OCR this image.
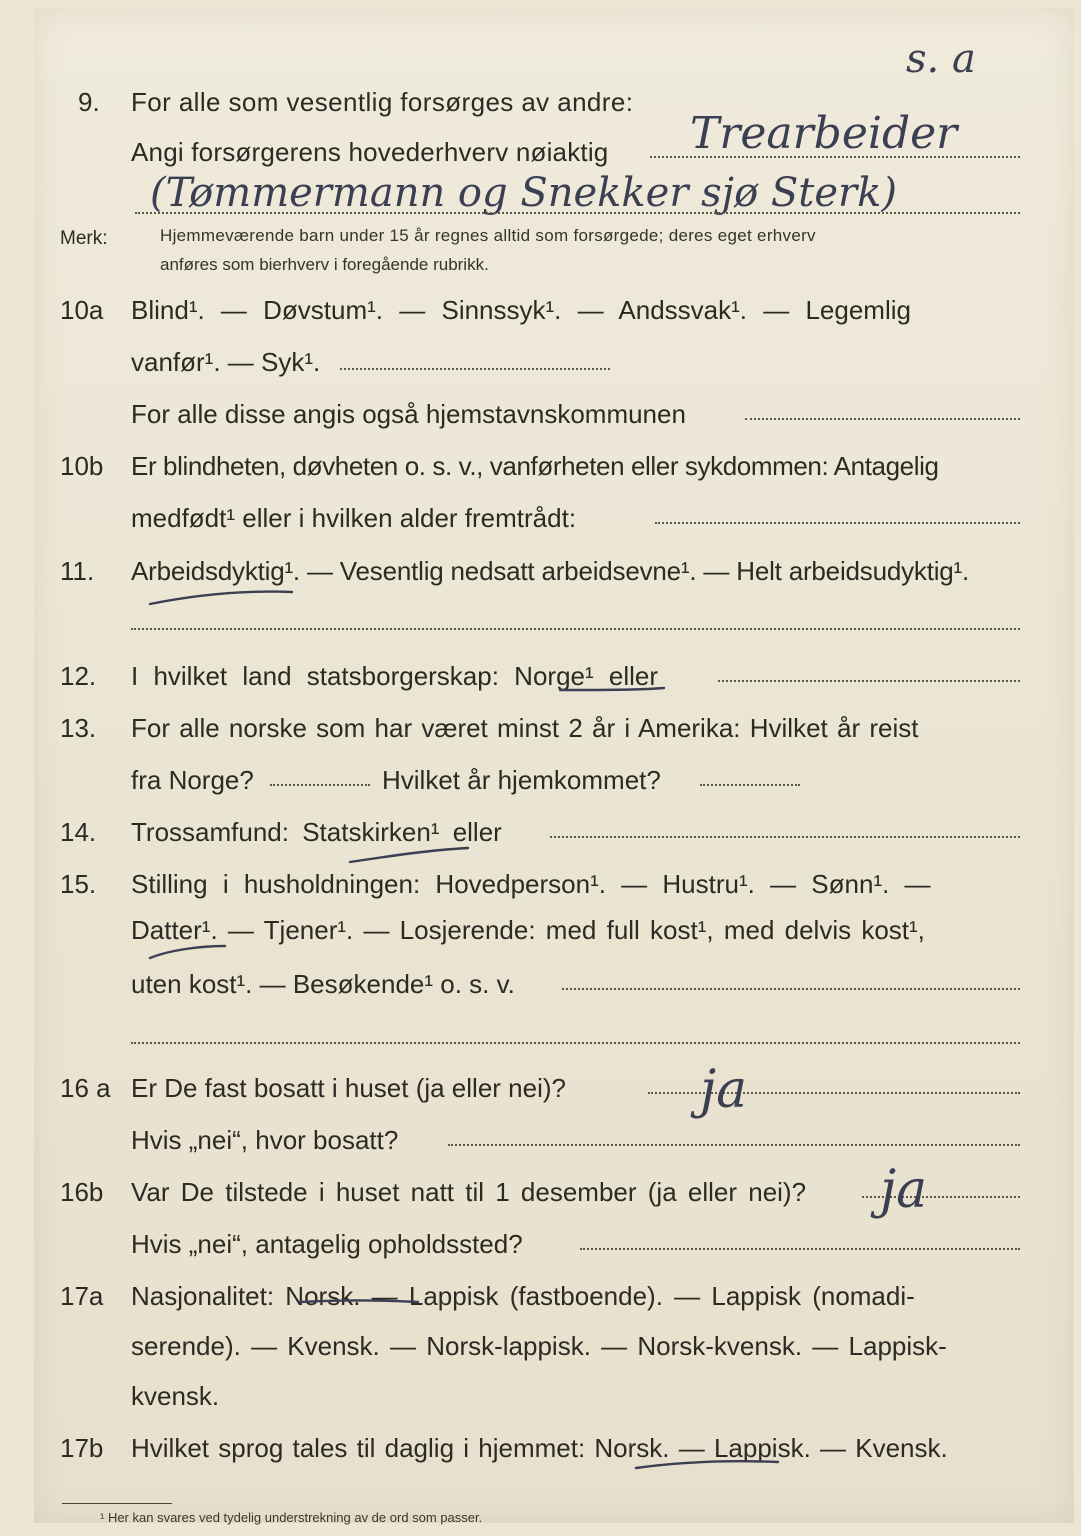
s. a
9. For alle som vesentlig forsørges av andre:
Angi forsørgerens hovederhverv nøiaktig Trearbeider
(Tømmermann og Snekker sjø Sterk)
Merk:	Hjemmeværende barn under 15 år regnes alltid som forsørgede; deres eget erhverv
anføres som bierhverv i foregående rubrikk.
10a Blind¹. — Døvstum¹. — Sinnssyk¹. — Andssvak¹. — Legemlig
vanfør¹. — Syk¹.
For alle disse angis også hjemstavnskommunen
10b Er blindheten, døvheten o. s. v., vanførheten eller sykdommen: Antagelig
medfødt¹ eller i hvilken alder fremtrådt:
11. Arbeidsdyktig¹. — Vesentlig nedsatt arbeidsevne¹. — Helt arbeidsudyktig¹.
12. I hvilket land statsborgerskap: Norge¹ eller
13. For alle norske som har været minst 2 år i Amerika: Hvilket år reist
fra Norge?	Hvilket år hjemkommet?
14. Trossamfund: Statskirken¹ eller
15. Stilling i husholdningen: Hovedperson¹. — Hustru¹. — Sønn¹. —
Datter¹. — Tjener¹. — Losjerende: med full kost¹, med delvis kost¹,
uten kost¹. — Besøkende¹ o. s. v.
16 a Er De fast bosatt i huset (ja eller nei)?	ja
Hvis „nei“, hvor bosatt?
16b Var De tilstede i huset natt til 1 desember (ja eller nei)? ja
Hvis „nei“, antagelig opholdssted?
17a Nasjonalitet: Norsk. — Lappisk (fastboende). — Lappisk (nomadi-
serende). — Kvensk. — Norsk-lappisk. — Norsk-kvensk. — Lappisk-
kvensk.
17b Hvilket sprog tales til daglig i hjemmet: Norsk. — Lappisk. — Kvensk.
¹ Her kan svares ved tydelig understrekning av de ord som passer.
